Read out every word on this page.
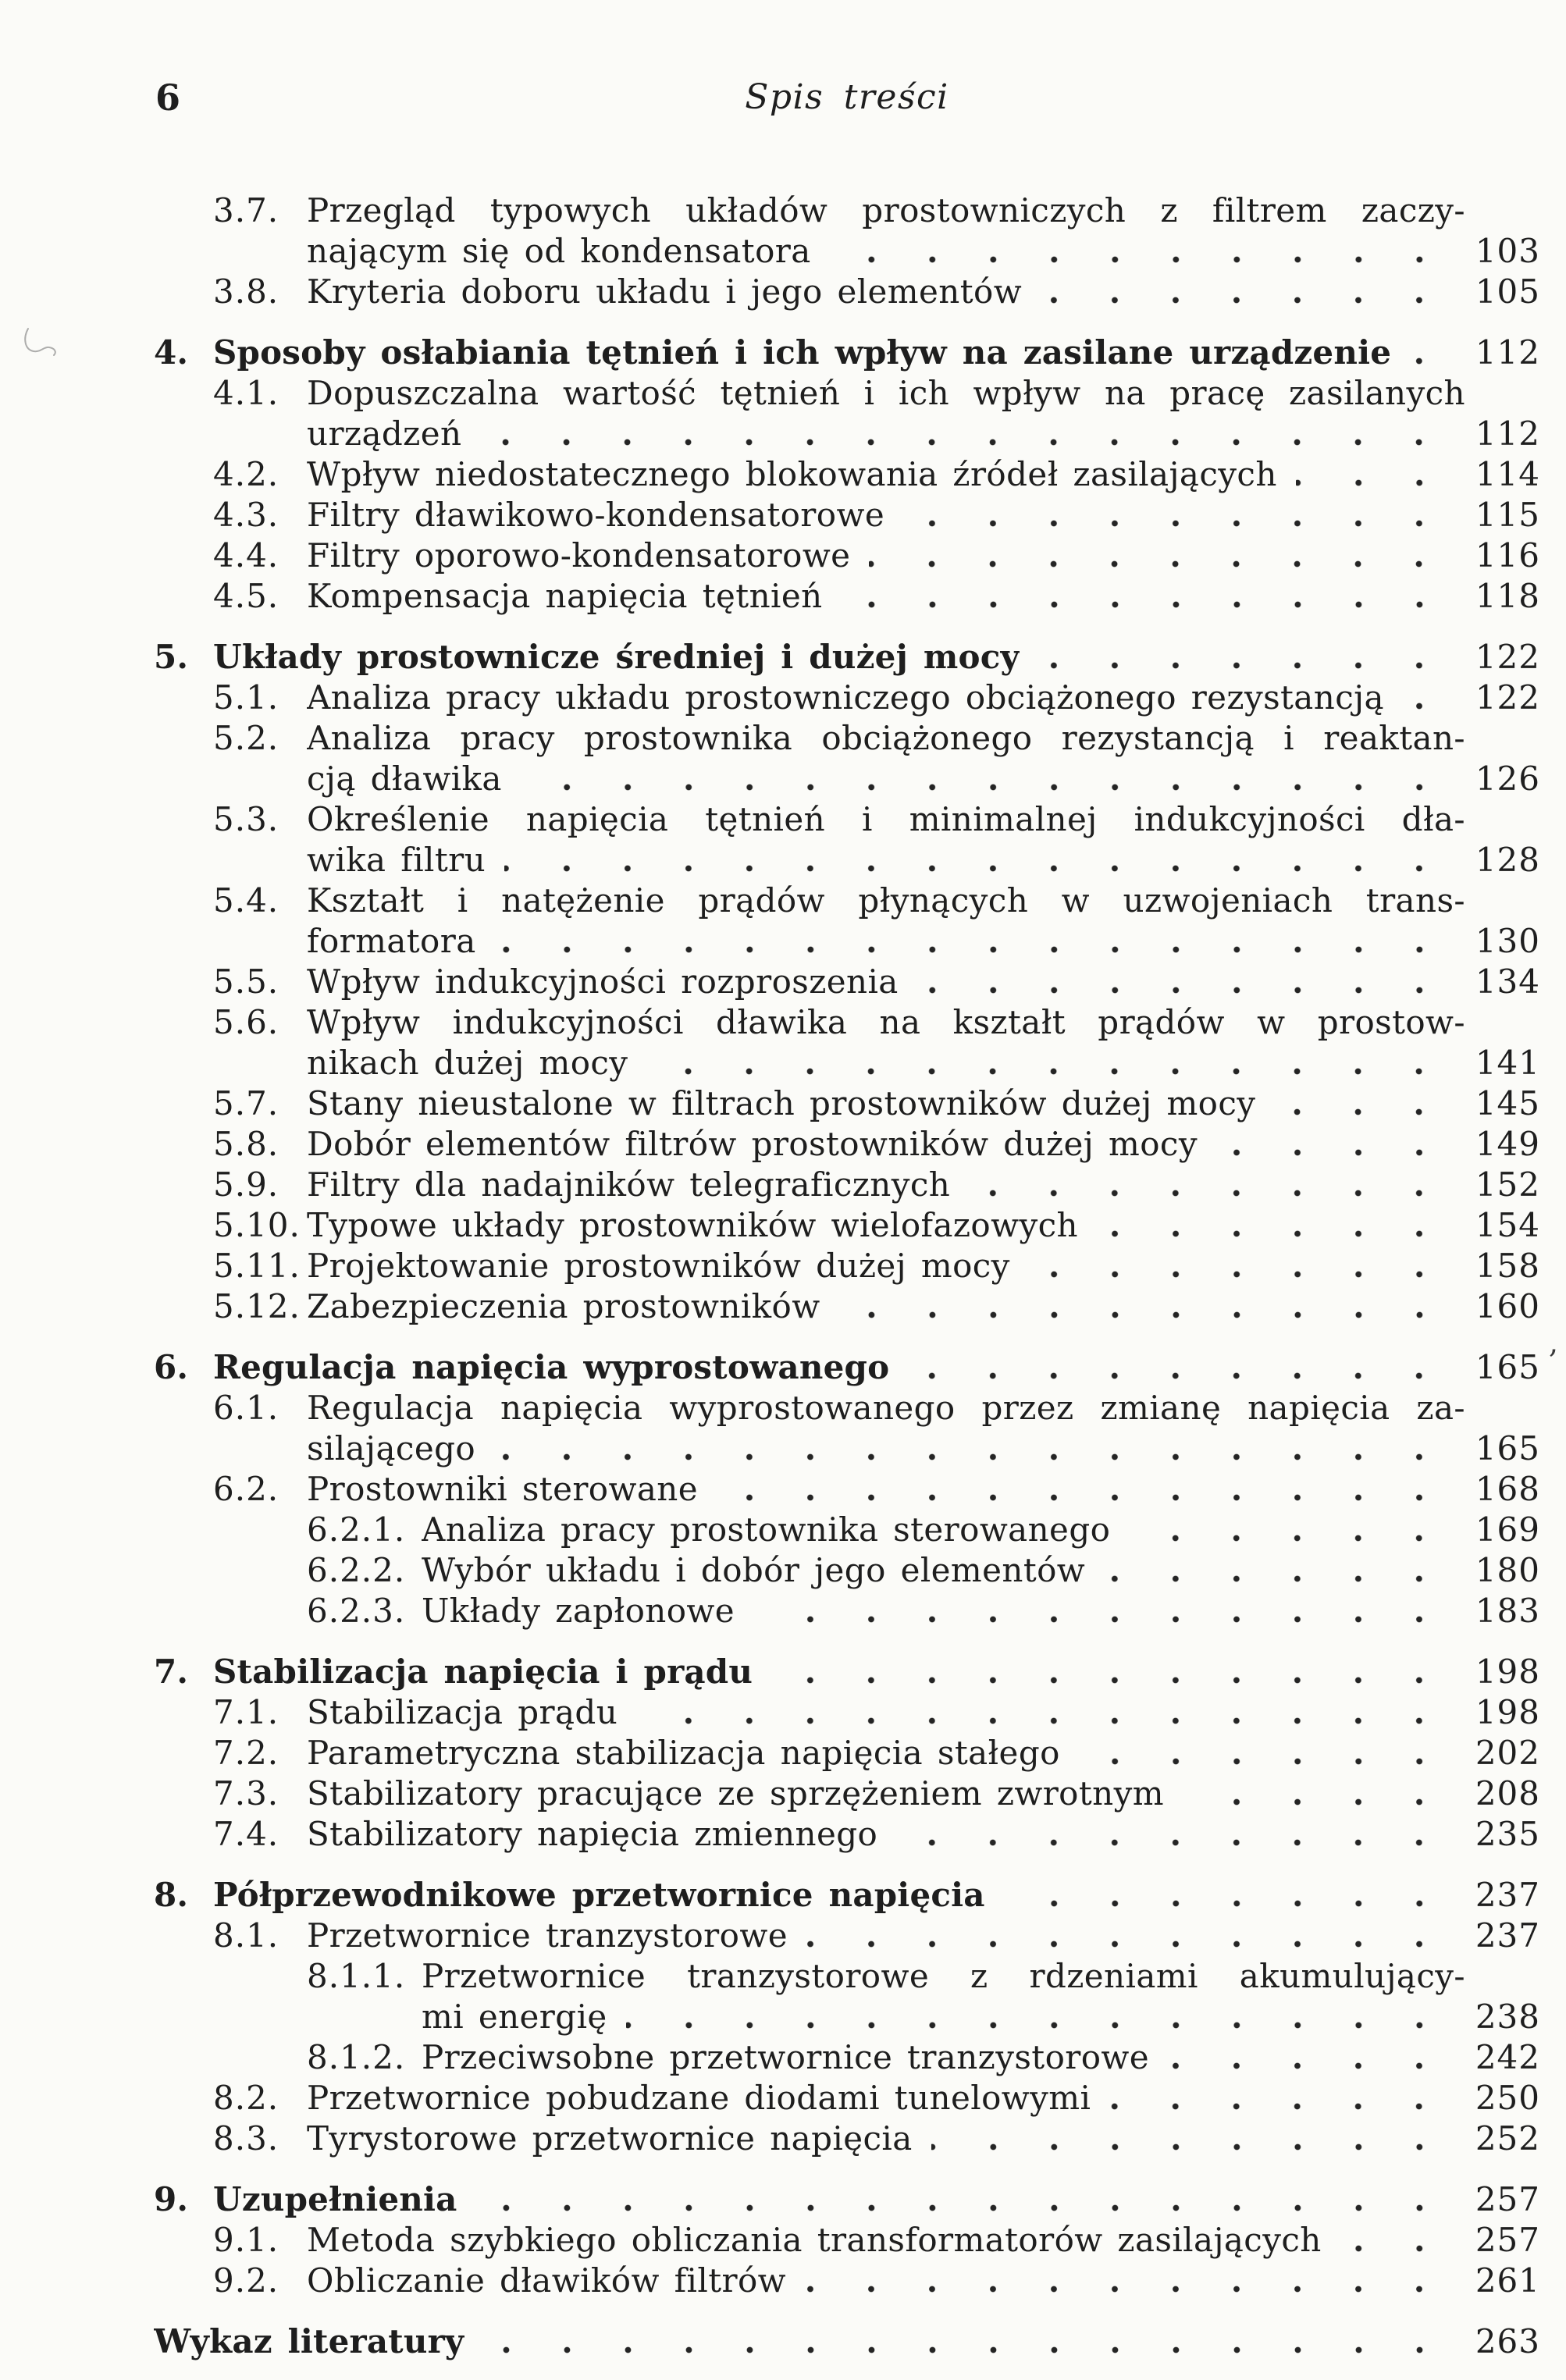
6	Spis treści
3.7. Przegląd typowych układów prostowniczych z filtrem zaczy-
nającym się od kondensatora	103
3.8. Kryteria doboru układu i jego elementów	105
4. Sposoby osłabiania tętnień i ich wpływ na zasilane urządzenie	112
4.1. Dopuszczalna wartość tętnień i ich wpływ na pracę zasilanych
urządzeń	112
4.2. Wpływ niedostatecznego blokowania źródeł zasilających	114
4.3. Filtry dławikowo-kondensatorowe	115
4.4. Filtry oporowo-kondensatorowe	116
4.5. Kompensacja napięcia tętnień	118
5. Układy prostownicze średniej i dużej mocy	122
5.1. Analiza pracy układu prostowniczego obciążonego rezystancją	122
5.2. Analiza pracy prostownika obciążonego rezystancją i reaktan-
cją dławika	126
5.3. Określenie napięcia tętnień i minimalnej indukcyjności dła-
wika filtru	128
5.4. Kształt i natężenie prądów płynących w uzwojeniach trans-
formatora	130
5.5. Wpływ indukcyjności rozproszenia	134
5.6. Wpływ indukcyjności dławika na kształt prądów w prostow-
nikach dużej mocy	141
5.7. Stany nieustalone w filtrach prostowników dużej mocy	145
5.8. Dobór elementów filtrów prostowników dużej mocy	149
5.9. Filtry dla nadajników telegraficznych	152
5.10. Typowe układy prostowników wielofazowych	154
5.11. Projektowanie prostowników dużej mocy	158
5.12. Zabezpieczenia prostowników	160
6. Regulacja napięcia wyprostowanego	165
6.1. Regulacja napięcia wyprostowanego przez zmianę napięcia za-
silającego	165
6.2. Prostowniki sterowane	168
6.2.1. Analiza pracy prostownika sterowanego	169
6.2.2. Wybór układu i dobór jego elementów	180
6.2.3. Układy zapłonowe	183
7. Stabilizacja napięcia i prądu	198
7.1. Stabilizacja prądu	198
7.2. Parametryczna stabilizacja napięcia stałego	202
7.3. Stabilizatory pracujące ze sprzężeniem zwrotnym	208
7.4. Stabilizatory napięcia zmiennego	235
8. Półprzewodnikowe przetwornice napięcia	237
8.1. Przetwornice tranzystorowe	237
8.1.1. Przetwornice tranzystorowe z rdzeniami akumulujący-
mi energię	238
8.1.2. Przeciwsobne przetwornice tranzystorowe	242
8.2. Przetwornice pobudzane diodami tunelowymi	250
8.3. Tyrystorowe przetwornice napięcia	252
9. Uzupełnienia	257
9.1. Metoda szybkiego obliczania transformatorów zasilających	257
9.2. Obliczanie dławików filtrów	261
Wykaz literatury	263
,
